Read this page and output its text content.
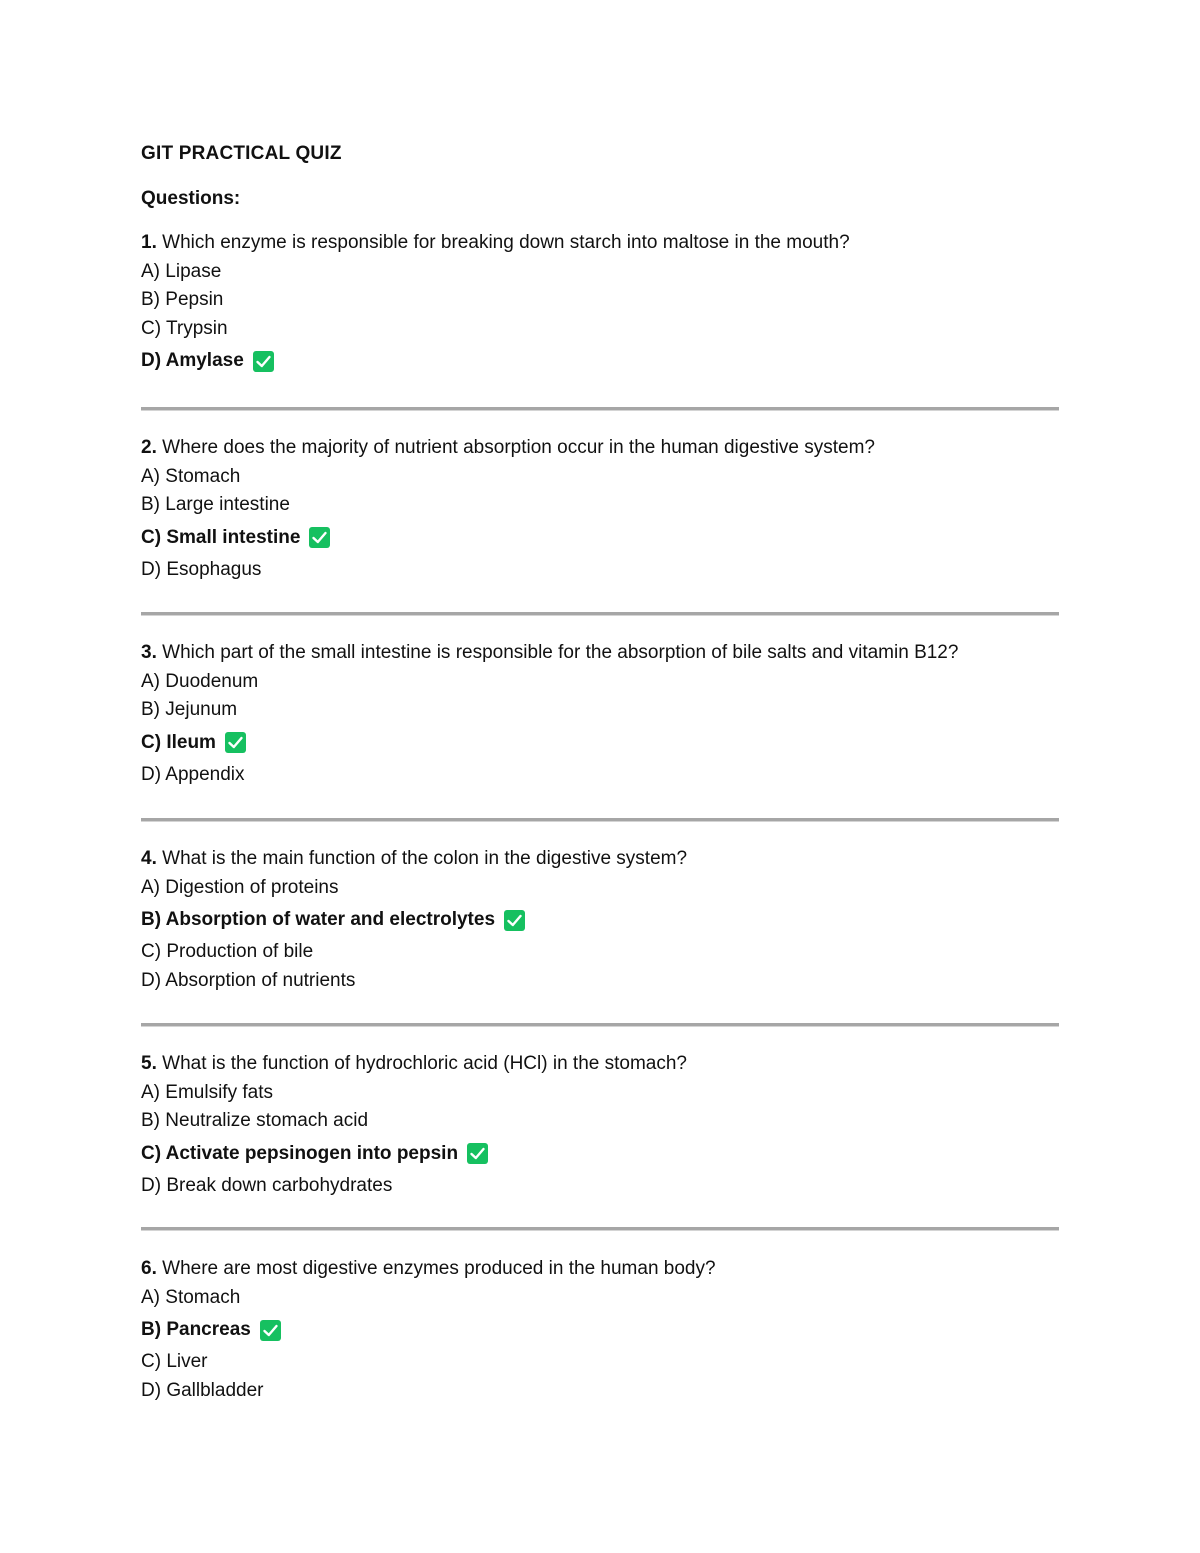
GIT PRACTICAL QUIZ
Questions:
1. Which enzyme is responsible for breaking down starch into maltose in the mouth?
A) Lipase
B) Pepsin
C) Trypsin
D) Amylase
2. Where does the majority of nutrient absorption occur in the human digestive system?
A) Stomach
B) Large intestine
C) Small intestine
D) Esophagus
3. Which part of the small intestine is responsible for the absorption of bile salts and vitamin B12?
A) Duodenum
B) Jejunum
C) Ileum
D) Appendix
4. What is the main function of the colon in the digestive system?
A) Digestion of proteins
B) Absorption of water and electrolytes
C) Production of bile
D) Absorption of nutrients
5. What is the function of hydrochloric acid (HCl) in the stomach?
A) Emulsify fats
B) Neutralize stomach acid
C) Activate pepsinogen into pepsin
D) Break down carbohydrates
6. Where are most digestive enzymes produced in the human body?
A) Stomach
B) Pancreas
C) Liver
D) Gallbladder
